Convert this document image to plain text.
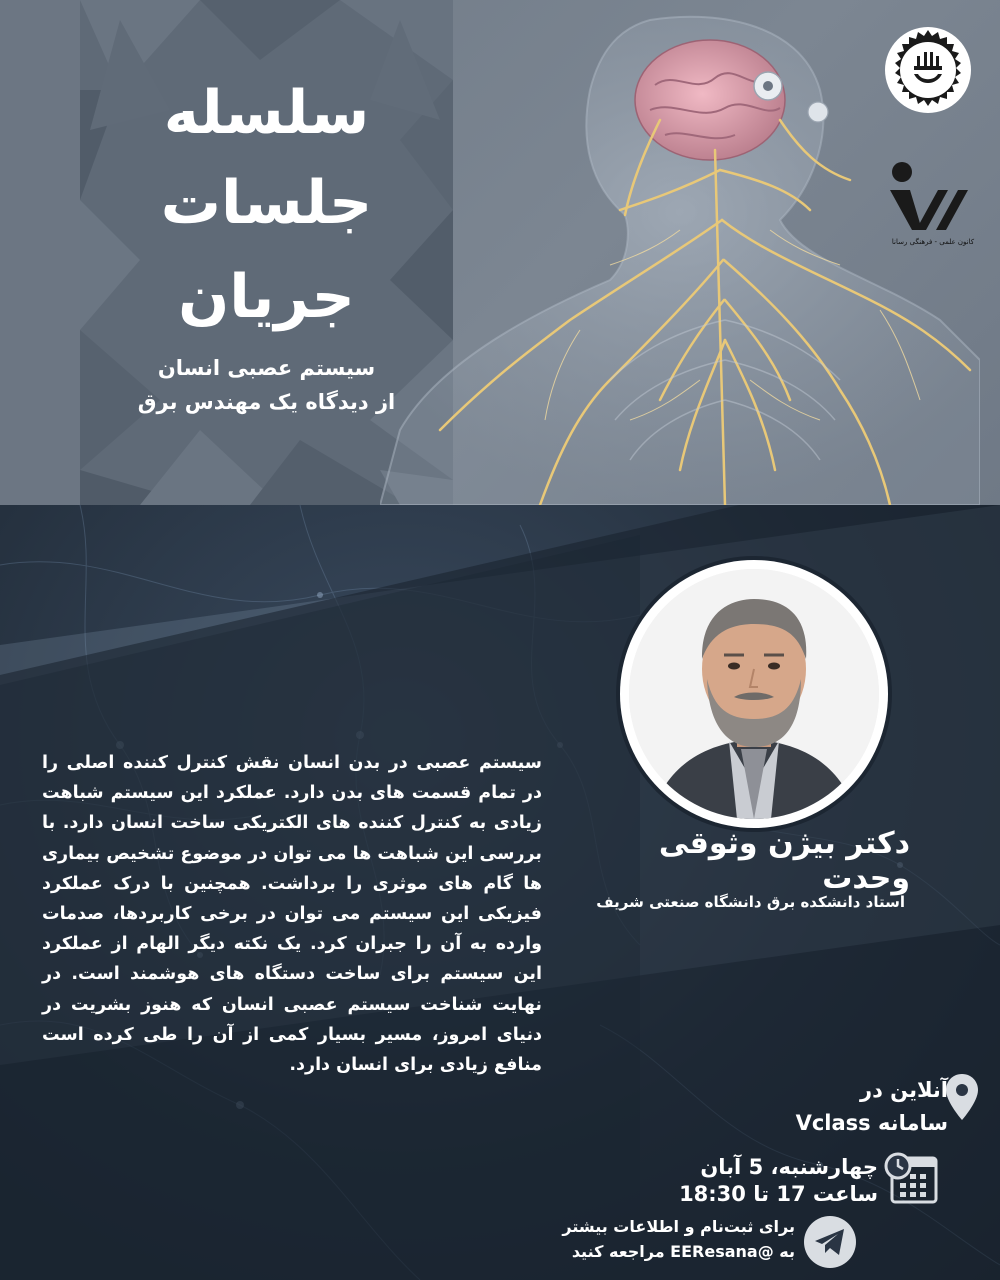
سلسله
جلسات
جریان
سیستم عصبی انسان
از دیدگاه یک مهندس برق
کانون علمی - فرهنگی رسانا
دکتر بیژن وثوقی وحدت
استاد دانشکده برق دانشگاه صنعتی شریف
سیستم عصبی در بدن انسان نقش کنترل کننده اصلی را در تمام قسمت های بدن دارد. عملکرد این سیستم شباهت زیادی به کنترل کننده های الکتریکی ساخت انسان دارد. با بررسی این شباهت ها می توان در موضوع تشخیص بیماری ها گام های موثری را برداشت. همچنین با درک عملکرد فیزیکی این سیستم می توان در برخی کاربردها، صدمات وارده به آن را جبران کرد. یک نکته دیگر الهام از عملکرد این سیستم برای ساخت دستگاه های هوشمند است. در نهایت شناخت سیستم عصبی انسان که هنوز بشریت در دنیای امروز، مسیر بسیار کمی از آن را طی کرده است منافع زیادی برای انسان دارد.
آنلاین در
سامانه Vclass
چهارشنبه، 5 آبان
ساعت 17 تا 18:30
برای ثبت‌نام و اطلاعات بیشتر
به @EEResana مراجعه کنید
